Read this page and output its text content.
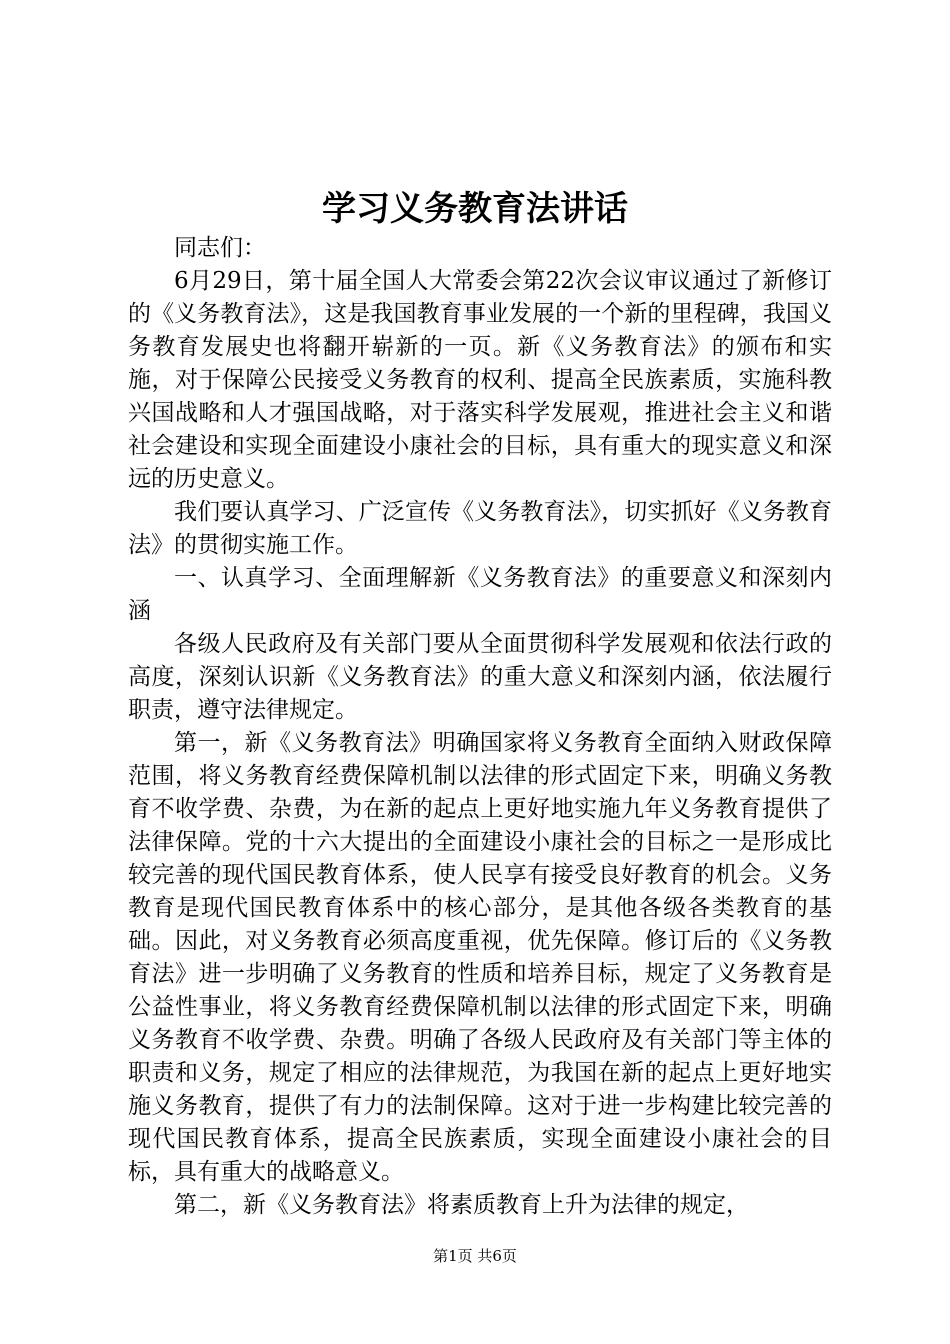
学习义务教育法讲话

同志们：

6月29日，第十届全国人大常委会第22次会议审议通过了新修订的《义务教育法》，这是我国教育事业发展的一个新的里程碑，我国义务教育发展史也将翻开崭新的一页。新《义务教育法》的颁布和实施，对于保障公民接受义务教育的权利、提高全民族素质，实施科教兴国战略和人才强国战略，对于落实科学发展观，推进社会主义和谐社会建设和实现全面建设小康社会的目标，具有重大的现实意义和深远的历史意义。

我们要认真学习、广泛宣传《义务教育法》，切实抓好《义务教育法》的贯彻实施工作。

一、认真学习、全面理解新《义务教育法》的重要意义和深刻内涵

各级人民政府及有关部门要从全面贯彻科学发展观和依法行政的高度，深刻认识新《义务教育法》的重大意义和深刻内涵，依法履行职责，遵守法律规定。

第一，新《义务教育法》明确国家将义务教育全面纳入财政保障范围，将义务教育经费保障机制以法律的形式固定下来，明确义务教育不收学费、杂费，为在新的起点上更好地实施九年义务教育提供了法律保障。党的十六大提出的全面建设小康社会的目标之一是形成比较完善的现代国民教育体系，使人民享有接受良好教育的机会。义务教育是现代国民教育体系中的核心部分，是其他各级各类教育的基础。因此，对义务教育必须高度重视，优先保障。修订后的《义务教育法》进一步明确了义务教育的性质和培养目标，规定了义务教育是公益性事业，将义务教育经费保障机制以法律的形式固定下来，明确义务教育不收学费、杂费。明确了各级人民政府及有关部门等主体的职责和义务，规定了相应的法律规范，为我国在新的起点上更好地实施义务教育，提供了有力的法制保障。这对于进一步构建比较完善的现代国民教育体系，提高全民族素质，实现全面建设小康社会的目标，具有重大的战略意义。

第二，新《义务教育法》将素质教育上升为法律的规定，

第1页 共6页
